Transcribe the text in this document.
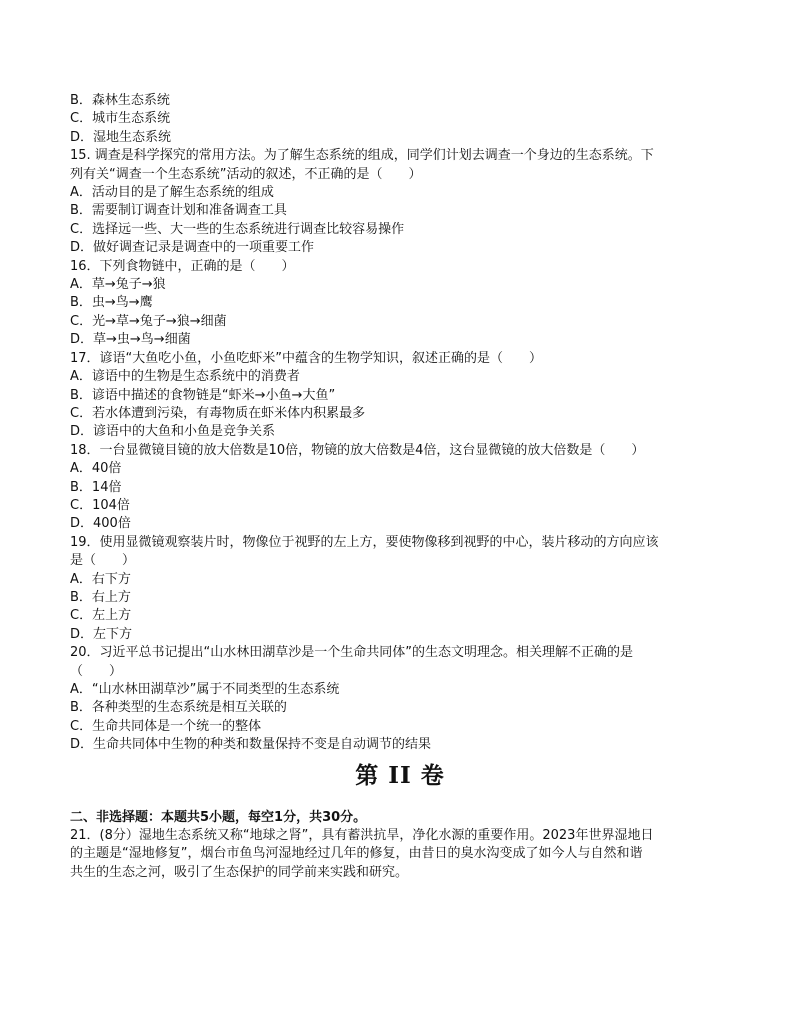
B．森林生态系统
C．城市生态系统
D．湿地生态系统
15. 调查是科学探究的常用方法。为了解生态系统的组成，同学们计划去调查一个身边的生态系统。下
列有关“调查一个生态系统”活动的叙述，不正确的是（　　）
A．活动目的是了解生态系统的组成
B．需要制订调查计划和准备调查工具
C．选择远一些、大一些的生态系统进行调查比较容易操作
D．做好调查记录是调查中的一项重要工作
16．下列食物链中，正确的是（　　）
A．草→兔子→狼
B．虫→鸟→鹰
C．光→草→兔子→狼→细菌
D．草→虫→鸟→细菌
17．谚语“大鱼吃小鱼，小鱼吃虾米”中蕴含的生物学知识，叙述正确的是（　　）
A．谚语中的生物是生态系统中的消费者
B．谚语中描述的食物链是“虾米→小鱼→大鱼”
C．若水体遭到污染，有毒物质在虾米体内积累最多
D．谚语中的大鱼和小鱼是竞争关系
18．一台显微镜目镜的放大倍数是10倍，物镜的放大倍数是4倍，这台显微镜的放大倍数是（　　）
A．40倍
B．14倍
C．104倍
D．400倍
19．使用显微镜观察装片时，物像位于视野的左上方，要使物像移到视野的中心，装片移动的方向应该
是（　　）
A．右下方
B．右上方
C．左上方
D．左下方
20．习近平总书记提出“山水林田湖草沙是一个生命共同体”的生态文明理念。相关理解不正确的是
（　　）
A．“山水林田湖草沙”属于不同类型的生态系统
B．各种类型的生态系统是相互关联的
C．生命共同体是一个统一的整体
D．生命共同体中生物的种类和数量保持不变是自动调节的结果
第 II 卷
二、非选择题：本题共5小题，每空1分，共30分。
21．(8分）湿地生态系统又称“地球之肾”，具有蓄洪抗旱，净化水源的重要作用。2023年世界湿地日
的主题是“湿地修复”，烟台市鱼鸟河湿地经过几年的修复，由昔日的臭水沟变成了如今人与自然和谐
共生的生态之河，吸引了生态保护的同学前来实践和研究。
